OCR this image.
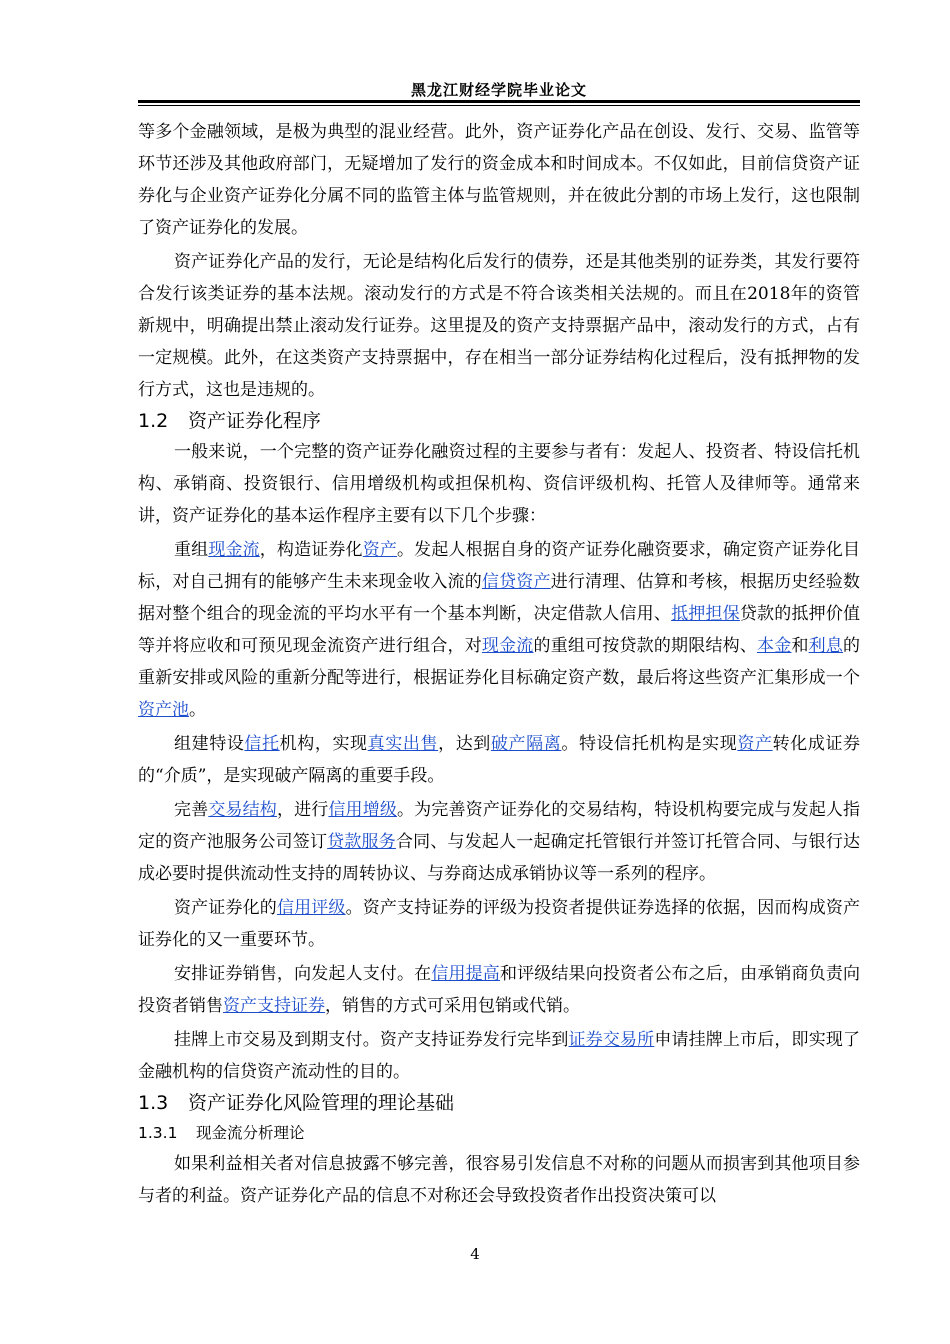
黑龙江财经学院毕业论文

等多个金融领域，是极为典型的混业经营。此外，资产证券化产品在创设、发行、交易、监管等环节还涉及其他政府部门，无疑增加了发行的资金成本和时间成本。不仅如此，目前信贷资产证券化与企业资产证券化分属不同的监管主体与监管规则，并在彼此分割的市场上发行，这也限制了资产证券化的发展。

资产证券化产品的发行，无论是结构化后发行的债券，还是其他类别的证券类，其发行要符合发行该类证券的基本法规。滚动发行的方式是不符合该类相关法规的。而且在2018年的资管新规中，明确提出禁止滚动发行证券。这里提及的资产支持票据产品中，滚动发行的方式，占有一定规模。此外，在这类资产支持票据中，存在相当一部分证券结构化过程后，没有抵押物的发行方式，这也是违规的。

1.2 资产证券化程序

一般来说，一个完整的资产证券化融资过程的主要参与者有：发起人、投资者、特设信托机构、承销商、投资银行、信用增级机构或担保机构、资信评级机构、托管人及律师等。通常来讲，资产证券化的基本运作程序主要有以下几个步骤：

重组现金流，构造证券化资产。发起人根据自身的资产证券化融资要求，确定资产证券化目标，对自己拥有的能够产生未来现金收入流的信贷资产进行清理、估算和考核，根据历史经验数据对整个组合的现金流的平均水平有一个基本判断，决定借款人信用、抵押担保贷款的抵押价值等并将应收和可预见现金流资产进行组合，对现金流的重组可按贷款的期限结构、本金和利息的重新安排或风险的重新分配等进行，根据证券化目标确定资产数，最后将这些资产汇集形成一个资产池。

组建特设信托机构，实现真实出售，达到破产隔离。特设信托机构是实现资产转化成证券的“介质”，是实现破产隔离的重要手段。

完善交易结构，进行信用增级。为完善资产证券化的交易结构，特设机构要完成与发起人指定的资产池服务公司签订贷款服务合同、与发起人一起确定托管银行并签订托管合同、与银行达成必要时提供流动性支持的周转协议、与券商达成承销协议等一系列的程序。

资产证券化的信用评级。资产支持证券的评级为投资者提供证券选择的依据，因而构成资产证券化的又一重要环节。

安排证券销售，向发起人支付。在信用提高和评级结果向投资者公布之后，由承销商负责向投资者销售资产支持证券，销售的方式可采用包销或代销。

挂牌上市交易及到期支付。资产支持证券发行完毕到证券交易所申请挂牌上市后，即实现了金融机构的信贷资产流动性的目的。

1.3 资产证券化风险管理的理论基础
1.3.1 现金流分析理论

如果利益相关者对信息披露不够完善，很容易引发信息不对称的问题从而损害到其他项目参与者的利益。资产证券化产品的信息不对称还会导致投资者作出投资决策可以

4
